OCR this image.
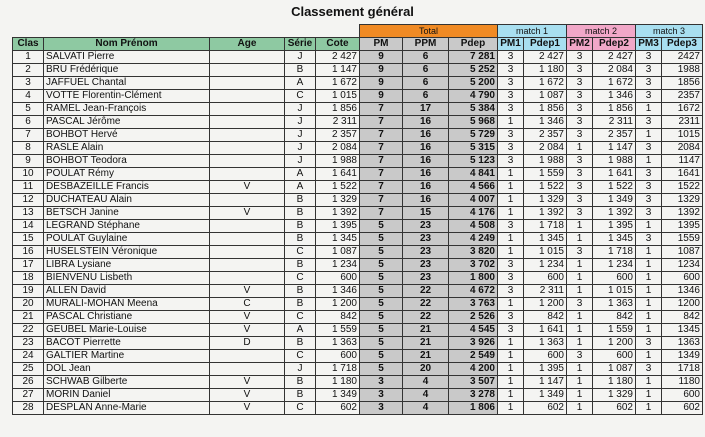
Classement général
					Total			match 1		match 2		match 3	
Clas	Nom Prénom	Age	Série	Cote	PM	PPM	Pdep	PM1	Pdep1	PM2	Pdep2	PM3	Pdep3
1	SALVATI Pierre		J	2 427	9	6	7 281	3	2 427	3	2 427	3	2427
2	BRU Frédérique		B	1 147	9	6	5 252	3	1 180	3	2 084	3	1988
3	JAFFUEL Chantal		A	1 672	9	6	5 200	3	1 672	3	1 672	3	1856
4	VOTTE Florentin-Clément		C	1 015	9	6	4 790	3	1 087	3	1 346	3	2357
5	RAMEL Jean-François		J	1 856	7	17	5 384	3	1 856	3	1 856	1	1672
6	PASCAL Jérôme		J	2 311	7	16	5 968	1	1 346	3	2 311	3	2311
7	BOHBOT Hervé		J	2 357	7	16	5 729	3	2 357	3	2 357	1	1015
8	RASLE Alain		J	2 084	7	16	5 315	3	2 084	1	1 147	3	2084
9	BOHBOT Teodora		J	1 988	7	16	5 123	3	1 988	3	1 988	1	1147
10	POULAT Rémy		A	1 641	7	16	4 841	1	1 559	3	1 641	3	1641
11	DESBAZEILLE Francis	V	A	1 522	7	16	4 566	1	1 522	3	1 522	3	1522
12	DUCHATEAU Alain		B	1 329	7	16	4 007	1	1 329	3	1 349	3	1329
13	BETSCH Janine	V	B	1 392	7	15	4 176	1	1 392	3	1 392	3	1392
14	LEGRAND Stéphane		B	1 395	5	23	4 508	3	1 718	1	1 395	1	1395
15	POULAT Guylaine		B	1 345	5	23	4 249	1	1 345	1	1 345	3	1559
16	HUSELSTEIN Véronique		C	1 087	5	23	3 820	1	1 015	3	1 718	1	1087
17	LIBRA Lysiane		B	1 234	5	23	3 702	3	1 234	1	1 234	1	1234
18	BIENVENU Lisbeth		C	600	5	23	1 800	3	600	1	600	1	600
19	ALLEN David	V	B	1 346	5	22	4 672	3	2 311	1	1 015	1	1346
20	MURALI-MOHAN Meena	C	B	1 200	5	22	3 763	1	1 200	3	1 363	1	1200
21	PASCAL Christiane	V	C	842	5	22	2 526	3	842	1	842	1	842
22	GEUBEL Marie-Louise	V	A	1 559	5	21	4 545	3	1 641	1	1 559	1	1345
23	BACOT Pierrette	D	B	1 363	5	21	3 926	1	1 363	1	1 200	3	1363
24	GALTIER Martine		C	600	5	21	2 549	1	600	3	600	1	1349
25	DOL Jean		J	1 718	5	20	4 200	1	1 395	1	1 087	3	1718
26	SCHWAB Gilberte	V	B	1 180	3	4	3 507	1	1 147	1	1 180	1	1180
27	MORIN Daniel	V	B	1 349	3	4	3 278	1	1 349	1	1 329	1	600
28	DESPLAN Anne-Marie	V	C	602	3	4	1 806	1	602	1	602	1	602
